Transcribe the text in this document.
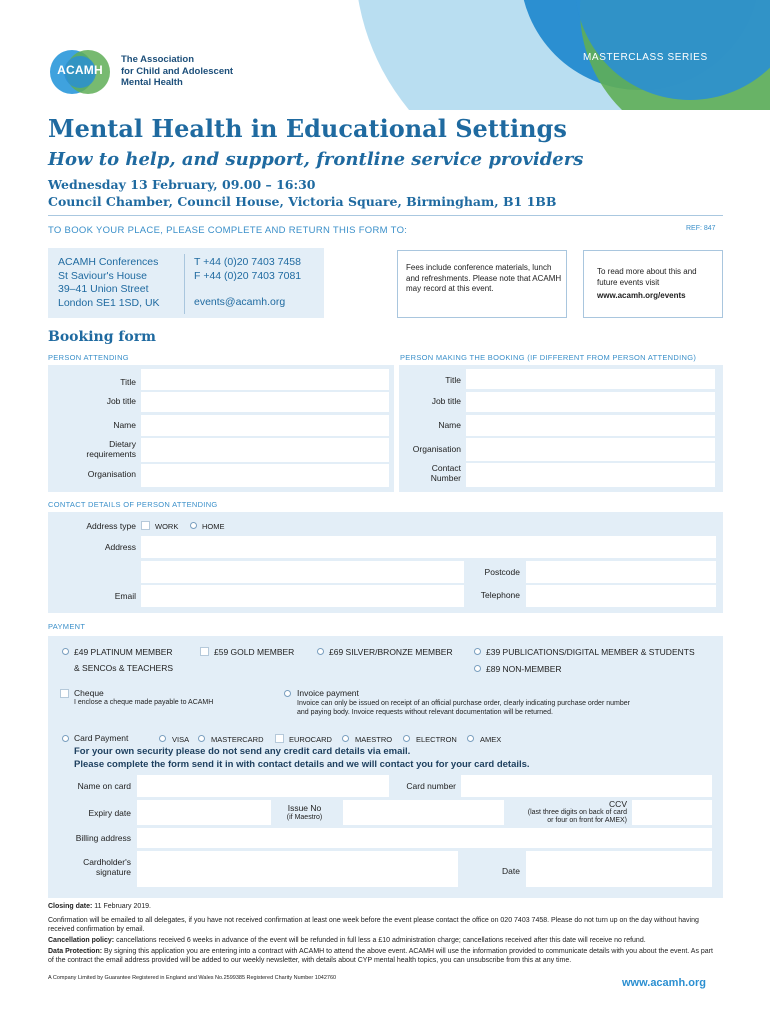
MASTERCLASS SERIES
ACAMH
The Association
for Child and Adolescent
Mental Health
Mental Health in Educational Settings
How to help, and support, frontline service providers
Wednesday 13 February, 09.00 – 16:30
Council Chamber, Council House, Victoria Square, Birmingham, B1 1BB
TO BOOK YOUR PLACE, PLEASE COMPLETE AND RETURN THIS FORM TO:	REF: 847
ACAMH Conferences
St Saviour's House
39–41 Union Street
London SE1 1SD, UK
T +44 (0)20 7403 7458
F +44 (0)20 7403 7081
events@acamh.org
Fees include conference materials, lunch and refreshments. Please note that ACAMH may record at this event.
To read more about this and future events visit
www.acamh.org/events
Booking form
PERSON ATTENDING	PERSON MAKING THE BOOKING (IF DIFFERENT FROM PERSON ATTENDING)
Title
Job title
Name
Dietary
requirements
Organisation
Title
Job title
Name
Organisation
Contact
Number
CONTACT DETAILS OF PERSON ATTENDING
Address type	WORK	HOME
Address
Postcode
Email	Telephone
PAYMENT
£49 PLATINUM MEMBER
& SENCOs & TEACHERS
£59 GOLD MEMBER	£69 SILVER/BRONZE MEMBER	£39 PUBLICATIONS/DIGITAL MEMBER & STUDENTS
£89 NON-MEMBER
Cheque
I enclose a cheque made payable to ACAMH
Invoice payment
Invoice can only be issued on receipt of an official purchase order, clearly indicating purchase order number and paying body. Invoice requests without relevant documentation will be returned.
Card Payment	VISA	MASTERCARD	EUROCARD	MAESTRO	ELECTRON	AMEX
For your own security please do not send any credit card details via email.
Please complete the form send it in with contact details and we will contact you for your card details.
Name on card	Card number
Expiry date	Issue No
(if Maestro)
CCV
(last three digits on back of card
or four on front for AMEX)
Billing address
Cardholder's
signature	Date
Closing date: 11 February 2019.
Confirmation will be emailed to all delegates, if you have not received confirmation at least one week before the event please contact the office on 020 7403 7458. Please do not turn up on the day without having received confirmation by email.
Cancellation policy: cancellations received 6 weeks in advance of the event will be refunded in full less a £10 administration charge; cancellations received after this date will receive no refund.
Data Protection: By signing this application you are entering into a contract with ACAMH to attend the above event. ACAMH will use the information provided to communicate details with you about the event. As part of the contract the email address provided will be added to our weekly newsletter, with details about CYP mental health topics, you can unsubscribe from this at any time.
A Company Limited by Guarantee Registered in England and Wales No.2599385 Registered Charity Number 1042760	www.acamh.org
